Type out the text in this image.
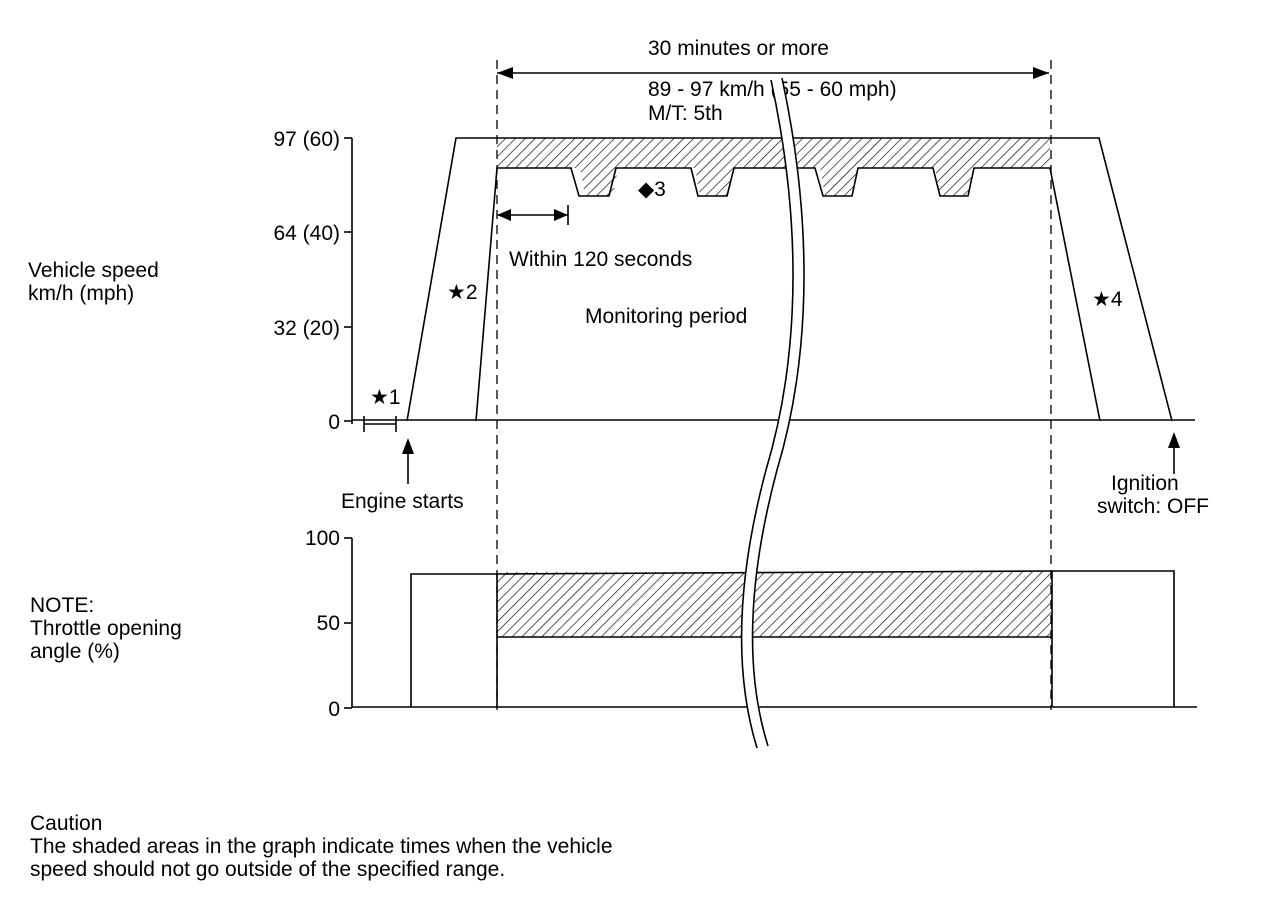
97 (60)
64 (40)
32 (20)
0
Vehicle speed
km/h (mph)
30 minutes or more
89 - 97 km/h (55 - 60 mph)
M/T: 5th
Within 120 seconds
Monitoring period
★1
★2
◆3
★4
Engine starts
Ignition
switch: OFF
100
50
0
NOTE:
Throttle opening
angle (%)
Caution
The shaded areas in the graph indicate times when the vehicle
speed should not go outside of the specified range.
